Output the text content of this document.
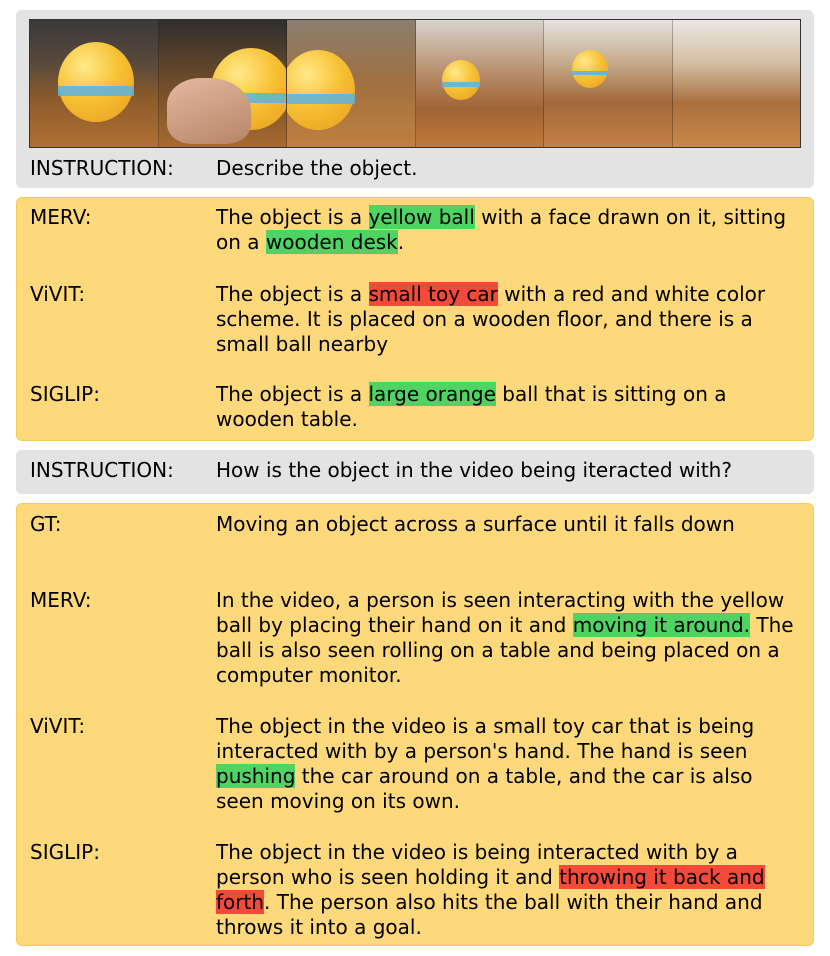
INSTRUCTION: Describe the object.
MERV:	The object is a yellow ball with a face drawn on it, sitting on a wooden desk.
ViVIT:	The object is a small toy car with a red and white color scheme. It is placed on a wooden floor, and there is a small ball nearby
SIGLIP:	The object is a large orange ball that is sitting on a wooden table.
INSTRUCTION: How is the object in the video being iteracted with?
GT:	Moving an object across a surface until it falls down
MERV:	In the video, a person is seen interacting with the yellow ball by placing their hand on it and moving it around. The ball is also seen rolling on a table and being placed on a computer monitor.
ViVIT:	The object in the video is a small toy car that is being interacted with by a person's hand. The hand is seen pushing the car around on a table, and the car is also seen moving on its own.
SIGLIP:	The object in the video is being interacted with by a person who is seen holding it and throwing it back and forth. The person also hits the ball with their hand and throws it into a goal.
